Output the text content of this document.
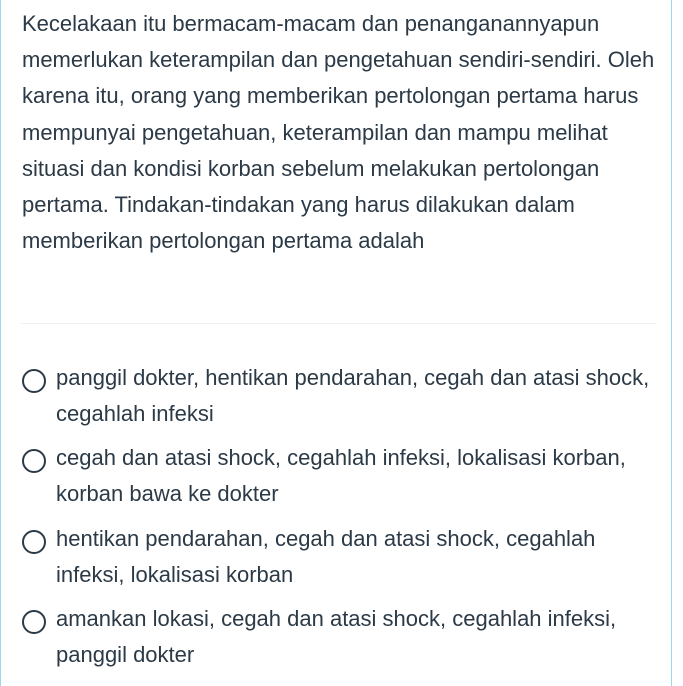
Kecelakaan itu bermacam-macam dan penanganannyapun memerlukan keterampilan dan pengetahuan sendiri-sendiri. Oleh karena itu, orang yang memberikan pertolongan pertama harus mempunyai pengetahuan, keterampilan dan mampu melihat situasi dan kondisi korban sebelum melakukan pertolongan pertama. Tindakan-tindakan yang harus dilakukan dalam memberikan pertolongan pertama adalah
panggil dokter, hentikan pendarahan, cegah dan atasi shock, cegahlah infeksi
cegah dan atasi shock, cegahlah infeksi, lokalisasi korban, korban bawa ke dokter
hentikan pendarahan, cegah dan atasi shock, cegahlah infeksi, lokalisasi korban
amankan lokasi, cegah dan atasi shock, cegahlah infeksi, panggil dokter
